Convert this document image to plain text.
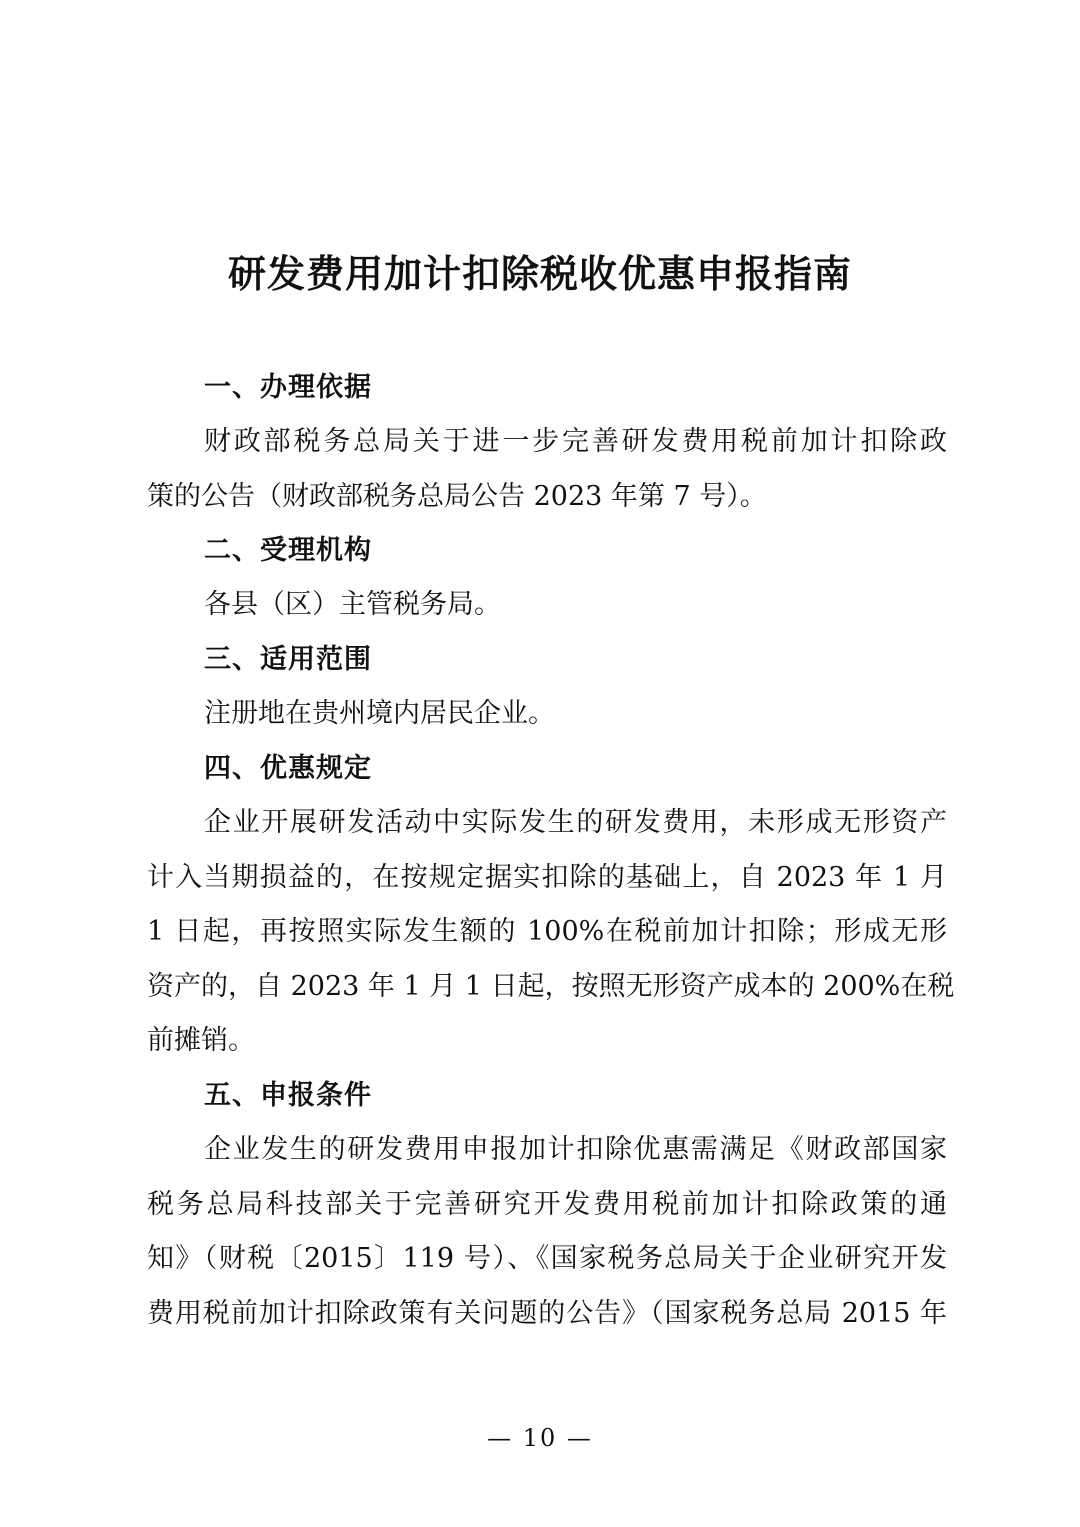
研发费用加计扣除税收优惠申报指南
一、办理依据
财政部税务总局关于进一步完善研发费用税前加计扣除政
策的公告（财政部税务总局公告 2023 年第 7 号）。
二、受理机构
各县（区）主管税务局。
三、适用范围
注册地在贵州境内居民企业。
四、优惠规定
企业开展研发活动中实际发生的研发费用，未形成无形资产
计入当期损益的，在按规定据实扣除的基础上，自 2023 年 1 月
1 日起，再按照实际发生额的 100%在税前加计扣除；形成无形
资产的，自 2023 年 1 月 1 日起，按照无形资产成本的 200%在税
前摊销。
五、申报条件
企业发生的研发费用申报加计扣除优惠需满足《财政部国家
税务总局科技部关于完善研究开发费用税前加计扣除政策的通
知》（财税〔2015〕119 号）、《国家税务总局关于企业研究开发
费用税前加计扣除政策有关问题的公告》（国家税务总局 2015 年
— 10 —
